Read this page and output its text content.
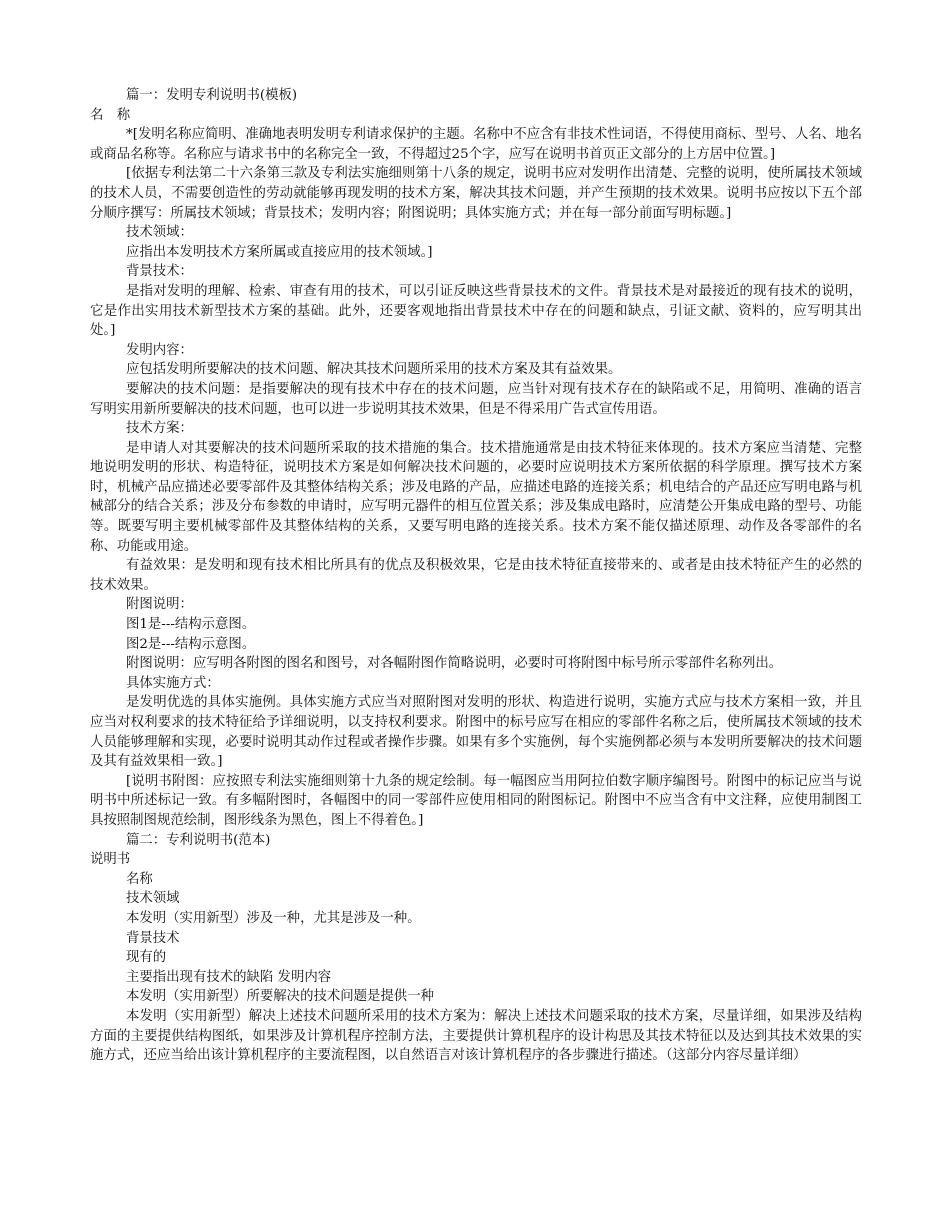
篇一：发明专利说明书(模板)

名　称

*[发明名称应简明、准确地表明发明专利请求保护的主题。名称中不应含有非技术性词语，不得使用商标、型号、人名、地名或商品名称等。名称应与请求书中的名称完全一致，不得超过25个字，应写在说明书首页正文部分的上方居中位置。]

[依据专利法第二十六条第三款及专利法实施细则第十八条的规定，说明书应对发明作出清楚、完整的说明，使所属技术领域的技术人员，不需要创造性的劳动就能够再现发明的技术方案，解决其技术问题，并产生预期的技术效果。说明书应按以下五个部分顺序撰写：所属技术领域；背景技术；发明内容；附图说明；具体实施方式；并在每一部分前面写明标题。]

技术领域：

应指出本发明技术方案所属或直接应用的技术领域。]

背景技术：

是指对发明的理解、检索、审查有用的技术，可以引证反映这些背景技术的文件。背景技术是对最接近的现有技术的说明，它是作出实用技术新型技术方案的基础。此外，还要客观地指出背景技术中存在的问题和缺点，引证文献、资料的，应写明其出处。]

发明内容：

应包括发明所要解决的技术问题、解决其技术问题所采用的技术方案及其有益效果。

要解决的技术问题：是指要解决的现有技术中存在的技术问题，应当针对现有技术存在的缺陷或不足，用简明、准确的语言写明实用新所要解决的技术问题，也可以进一步说明其技术效果，但是不得采用广告式宣传用语。

技术方案：

是申请人对其要解决的技术问题所采取的技术措施的集合。技术措施通常是由技术特征来体现的。技术方案应当清楚、完整地说明发明的形状、构造特征，说明技术方案是如何解决技术问题的，必要时应说明技术方案所依据的科学原理。撰写技术方案时，机械产品应描述必要零部件及其整体结构关系；涉及电路的产品，应描述电路的连接关系；机电结合的产品还应写明电路与机械部分的结合关系；涉及分布参数的申请时，应写明元器件的相互位置关系；涉及集成电路时，应清楚公开集成电路的型号、功能等。既要写明主要机械零部件及其整体结构的关系，又要写明电路的连接关系。技术方案不能仅描述原理、动作及各零部件的名称、功能或用途。

有益效果：是发明和现有技术相比所具有的优点及积极效果，它是由技术特征直接带来的、或者是由技术特征产生的必然的技术效果。

附图说明：

图1是---结构示意图。

图2是---结构示意图。

附图说明：应写明各附图的图名和图号，对各幅附图作简略说明，必要时可将附图中标号所示零部件名称列出。

具体实施方式：

是发明优选的具体实施例。具体实施方式应当对照附图对发明的形状、构造进行说明，实施方式应与技术方案相一致，并且应当对权利要求的技术特征给予详细说明，以支持权利要求。附图中的标号应写在相应的零部件名称之后，使所属技术领域的技术人员能够理解和实现，必要时说明其动作过程或者操作步骤。如果有多个实施例，每个实施例都必须与本发明所要解决的技术问题及其有益效果相一致。]

[说明书附图：应按照专利法实施细则第十九条的规定绘制。每一幅图应当用阿拉伯数字顺序编图号。附图中的标记应当与说明书中所述标记一致。有多幅附图时，各幅图中的同一零部件应使用相同的附图标记。附图中不应当含有中文注释，应使用制图工具按照制图规范绘制，图形线条为黑色，图上不得着色。]

篇二：专利说明书(范本)

说明书

名称

技术领域

本发明（实用新型）涉及一种，尤其是涉及一种。

背景技术

现有的

主要指出现有技术的缺陷 发明内容

本发明（实用新型）所要解决的技术问题是提供一种

本发明（实用新型）解决上述技术问题所采用的技术方案为：解决上述技术问题采取的技术方案，尽量详细，如果涉及结构方面的主要提供结构图纸，如果涉及计算机程序控制方法，主要提供计算机程序的设计构思及其技术特征以及达到其技术效果的实施方式，还应当给出该计算机程序的主要流程图，以自然语言对该计算机程序的各步骤进行描述。（这部分内容尽量详细）
